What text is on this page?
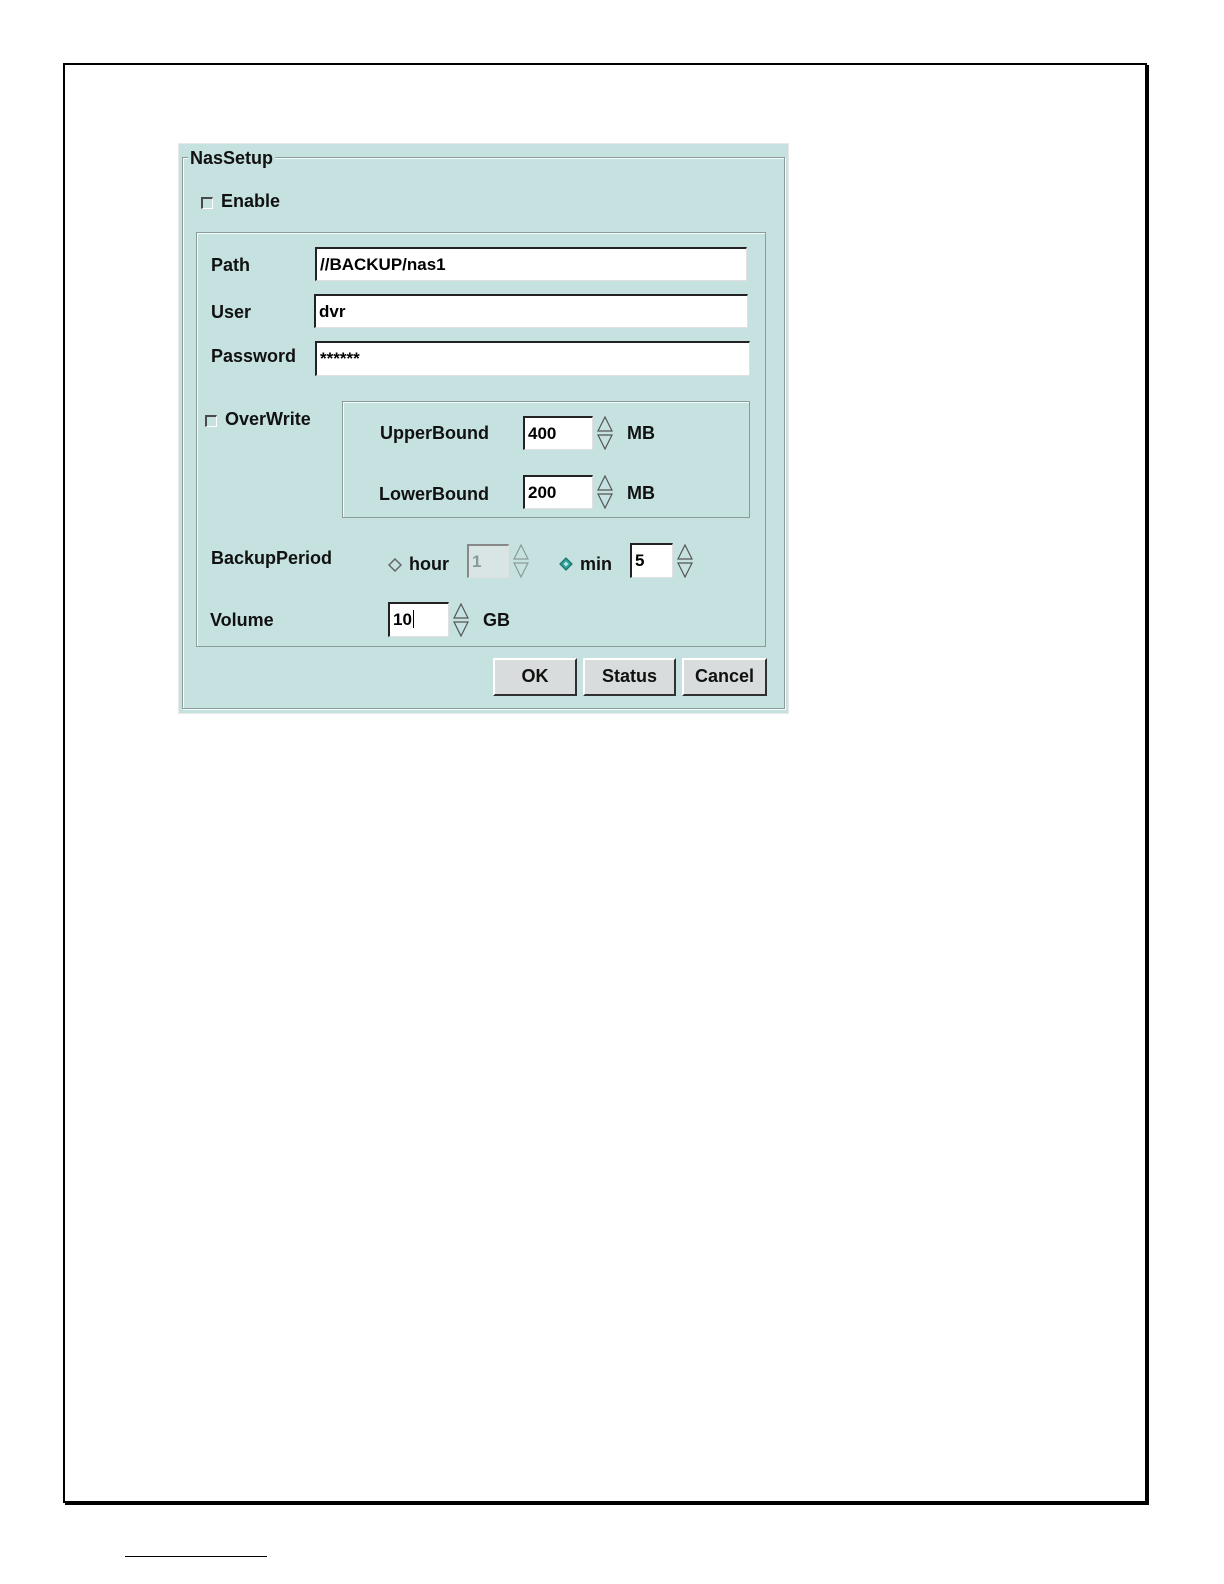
NasSetup
Enable
Path	//BACKUP/nas1
User	dvr
Password ******
OverWrite
UpperBound 400	MB
LowerBound 200	MB
BackupPeriod	hour 1	min 5
Volume	10	GB
OK	Status	Cancel
